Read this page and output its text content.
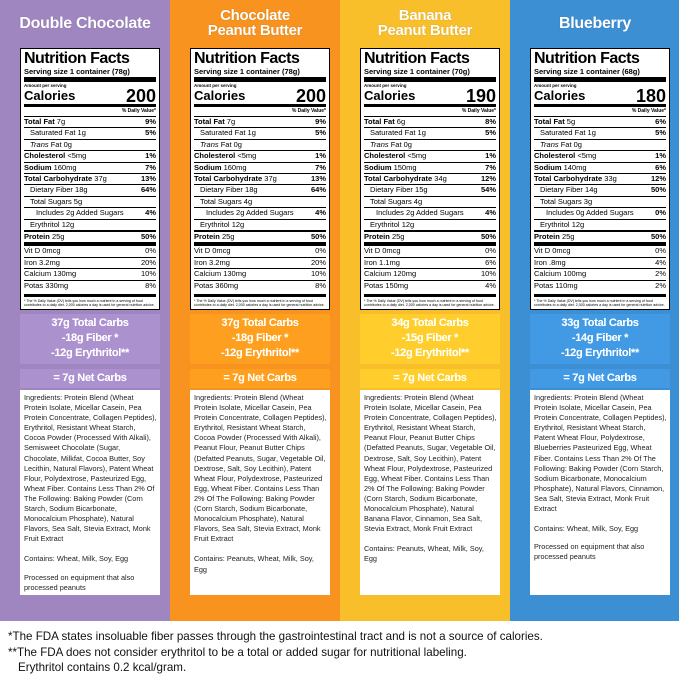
Double Chocolate
Nutrition Facts
Serving size 1 container (78g)
Amount per serving
Calories	200
% Daily Value*
Total Fat 7g	9%
Saturated Fat 1g	5%
Trans Fat 0g
Cholesterol <5mg	1%
Sodium 160mg	7%
Total Carbohydrate 37g	13%
Dietary Fiber 18g	64%
Total Sugars 5g
Includes 2g Added Sugars	4%
Erythritol 12g
Protein 25g	50%
Vit D 0mcg	0%
Iron 3.2mg	20%
Calcium 130mg	10%
Potas 330mg	8%
* The % Daily Value (DV) tells you how much a nutrient in a serving of food contributes to a daily diet. 2,000 calories a day is used for general nutrition advice.
37g Total Carbs
-18g Fiber *
-12g Erythritol**
= 7g Net Carbs

Ingredients: Protein Blend (Wheat Protein Isolate, Micellar Casein, Pea Protein Concentrate, Collagen Peptides), Erythritol, Resistant Wheat Starch, Cocoa Powder (Processed With Alkali), Semisweet Chocolate (Sugar, Chocolate, Milkfat, Cocoa Butter, Soy Lecithin, Natural Flavors), Patent Wheat Flour, Polydextrose, Pasteurized Egg, Wheat Fiber. Contains Less Than 2% Of The Following: Baking Powder (Corn Starch, Sodium Bicarbonate, Monocalcium Phosphate), Natural Flavors, Sea Salt, Stevia Extract, Monk Fruit Extract

Contains: Wheat, Milk, Soy, Egg

Processed on equipment that also processed peanuts

Chocolate
Peanut Butter
Nutrition Facts
Serving size 1 container (78g)
Amount per serving
Calories	200
% Daily Value*
Total Fat 7g	9%
Saturated Fat 1g	5%
Trans Fat 0g
Cholesterol <5mg	1%
Sodium 160mg	7%
Total Carbohydrate 37g	13%
Dietary Fiber 18g	64%
Total Sugars 4g
Includes 2g Added Sugars	4%
Erythritol 12g
Protein 25g	50%
Vit D 0mcg	0%
Iron 3.2mg	20%
Calcium 130mg	10%
Potas 360mg	8%
* The % Daily Value (DV) tells you how much a nutrient in a serving of food contributes to a daily diet. 2,000 calories a day is used for general nutrition advice.
37g Total Carbs
-18g Fiber *
-12g Erythritol**
= 7g Net Carbs

Ingredients: Protein Blend (Wheat Protein Isolate, Micellar Casein, Pea Protein Concentrate, Collagen Peptides), Erythritol, Resistant Wheat Starch, Cocoa Powder (Processed With Alkali), Peanut Flour, Peanut Butter Chips (Defatted Peanuts, Sugar, Vegetable Oil, Dextrose, Salt, Soy Lecithin), Patent Wheat Flour, Polydextrose, Pasteurized Egg, Wheat Fiber. Contains Less Than 2% Of The Following: Baking Powder (Corn Starch, Sodium Bicarbonate, Monocalcium Phosphate), Natural Flavors, Sea Salt, Stevia Extract, Monk Fruit Extract

Contains: Peanuts, Wheat, Milk, Soy, Egg

Banana
Peanut Butter
Nutrition Facts
Serving size 1 container (70g)
Amount per serving
Calories	190
% Daily Value*
Total Fat 6g	8%
Saturated Fat 1g	5%
Trans Fat 0g
Cholesterol <5mg	1%
Sodium 150mg	7%
Total Carbohydrate 34g	12%
Dietary Fiber 15g	54%
Total Sugars 4g
Includes 2g Added Sugars	4%
Erythritol 12g
Protein 25g	50%
Vit D 0mcg	0%
Iron 1.1mg	6%
Calcium 120mg	10%
Potas 150mg	4%
* The % Daily Value (DV) tells you how much a nutrient in a serving of food contributes to a daily diet. 2,000 calories a day is used for general nutrition advice.
34g Total Carbs
-15g Fiber *
-12g Erythritol**
= 7g Net Carbs

Ingredients: Protein Blend (Wheat Protein Isolate, Micellar Casein, Pea Protein Concentrate, Collagen Peptides), Erythritol, Resistant Wheat Starch, Peanut Flour, Peanut Butter Chips (Defatted Peanuts, Sugar, Vegetable Oil, Dextrose, Salt, Soy Lecithin), Patent Wheat Flour, Polydextrose, Pasteurized Egg, Wheat Fiber. Contains Less Than 2% Of The Following: Baking Powder (Corn Starch, Sodium Bicarbonate, Monocalcium Phosphate), Natural Banana Flavor, Cinnamon, Sea Salt, Stevia Extract, Monk Fruit Extract

Contains: Peanuts, Wheat, Milk, Soy, Egg

Blueberry
Nutrition Facts
Serving size 1 container (68g)
Amount per serving
Calories	180
% Daily Value*
Total Fat 5g	6%
Saturated Fat 1g	5%
Trans Fat 0g
Cholesterol <5mg	1%
Sodium 140mg	6%
Total Carbohydrate 33g	12%
Dietary Fiber 14g	50%
Total Sugars 3g
Includes 0g Added Sugars	0%
Erythritol 12g
Protein 25g	50%
Vit D 0mcg	0%
Iron .8mg	4%
Calcium 100mg	2%
Potas 110mg	2%
* The % Daily Value (DV) tells you how much a nutrient in a serving of food contributes to a daily diet. 2,000 calories a day is used for general nutrition advice.
33g Total Carbs
-14g Fiber *
-12g Erythritol**
= 7g Net Carbs

Ingredients: Protein Blend (Wheat Protein Isolate, Micellar Casein, Pea Protein Concentrate, Collagen Peptides), Erythritol, Resistant Wheat Starch, Patent Wheat Flour, Polydextrose, Blueberries Pasteurized Egg, Wheat Fiber. Contains Less Than 2% Of The Following: Baking Powder (Corn Starch, Sodium Bicarbonate, Monocalcium Phosphate), Natural Flavors, Cinnamon, Sea Salt, Stevia Extract, Monk Fruit Extract

Contains: Wheat, Milk, Soy, Egg

Processed on equipment that also processed peanuts

*The FDA states insoluable fiber passes through the gastrointestinal tract and is not a source of calories.
**The FDA does not consider erythritol to be a total or added sugar for nutritional labeling.
Erythritol contains 0.2 kcal/gram.
